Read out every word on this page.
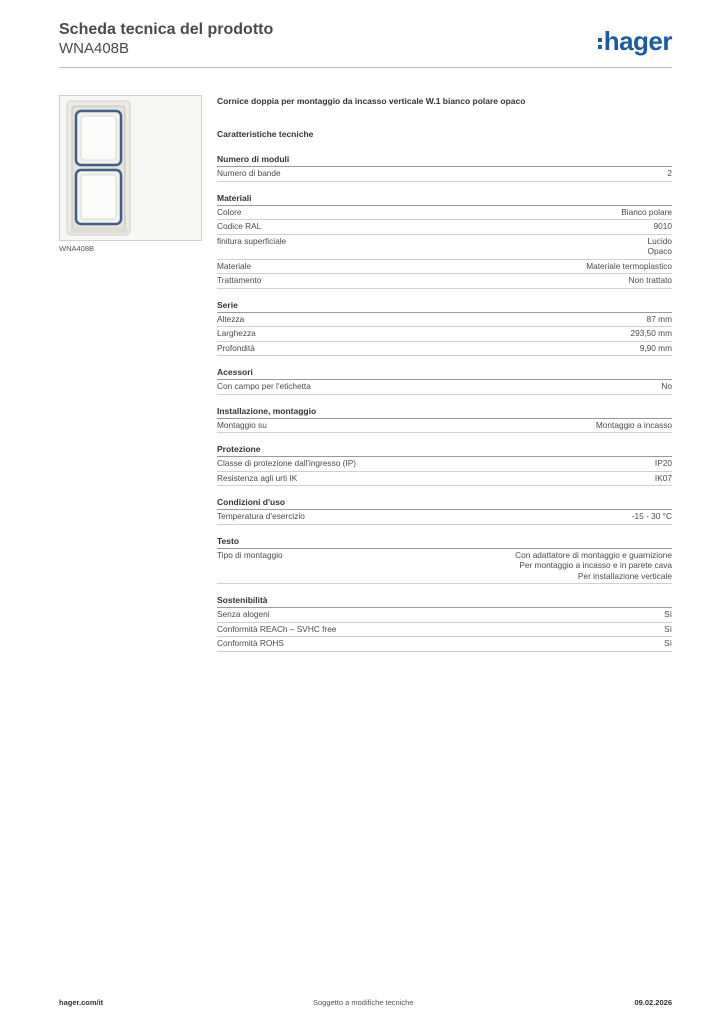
Scheda tecnica del prodotto
WNA408B	hager
WNA408B
Cornice doppia per montaggio da incasso verticale W.1 bianco polare opaco
Caratteristiche tecniche
Numero di moduli
Numero di bande	2
Materiali
Colore	Bianco polare
Codice RAL	9010
finitura superficiale	Lucido
Opaco
Materiale	Materiale termoplastico
Trattamento	Non trattato
Serie
Altezza	87 mm
Larghezza	293,50 mm
Profondità	9,90 mm
Acessori
Con campo per l'etichetta	No
Installazione, montaggio
Montaggio su	Montaggio a incasso
Protezione
Classe di protezione dall'ingresso (IP)	IP20
Resistenza agli urti IK	IK07
Condizioni d'uso
Temperatura d'esercizio	-15 - 30 °C
Testo
Tipo di montaggio	Con adattatore di montaggio e guarnizione
Per montaggio a incasso e in parete cava
Per installazione verticale
Sostenibilità
Senza alogeni	Sì
Conformità REACh – SVHC free	Sì
Conformità ROHS	Sì
hager.com/it	Soggetto a modifiche tecniche	09.02.2026
